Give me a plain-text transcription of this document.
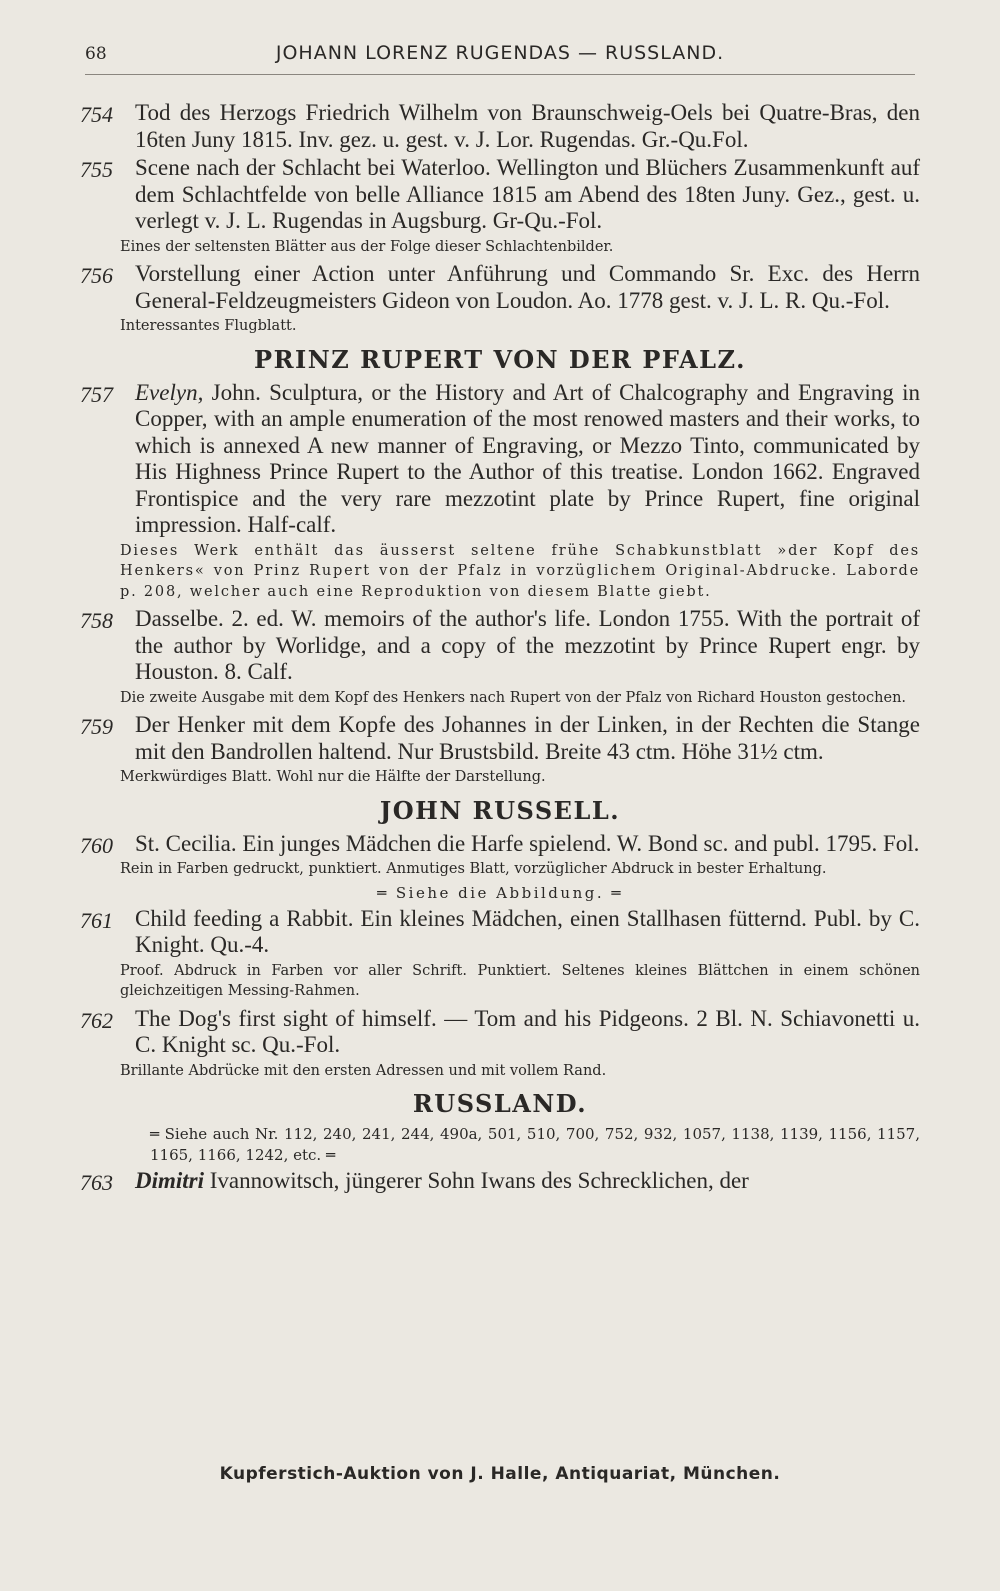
68	JOHANN LORENZ RUGENDAS — RUSSLAND.
754 Tod des Herzogs Friedrich Wilhelm von Braunschweig-Oels bei Quatre-Bras, den 16ten Juny 1815. Inv. gez. u. gest. v. J. Lor. Rugendas. Gr.-Qu.Fol.
755 Scene nach der Schlacht bei Waterloo. Wellington und Blüchers Zusammenkunft auf dem Schlachtfelde von belle Alliance 1815 am Abend des 18ten Juny. Gez., gest. u. verlegt v. J. L. Rugendas in Augsburg. Gr-Qu.-Fol.
Eines der seltensten Blätter aus der Folge dieser Schlachtenbilder.
756 Vorstellung einer Action unter Anführung und Commando Sr. Exc. des Herrn General-Feldzeugmeisters Gideon von Loudon. Ao. 1778 gest. v. J. L. R. Qu.-Fol.
Interessantes Flugblatt.
PRINZ RUPERT VON DER PFALZ.
757 Evelyn, John. Sculptura, or the History and Art of Chalcography and Engraving in Copper, with an ample enumeration of the most renowed masters and their works, to which is annexed A new manner of Engraving, or Mezzo Tinto, communicated by His Highness Prince Rupert to the Author of this treatise. London 1662. Engraved Frontispice and the very rare mezzotint plate by Prince Rupert, fine original impression. Half-calf.
Dieses Werk enthält das äusserst seltene frühe Schabkunstblatt »der Kopf des Henkers« von Prinz Rupert von der Pfalz in vorzüglichem Original-Abdrucke. Laborde p. 208, welcher auch eine Reproduktion von diesem Blatte giebt.
758 Dasselbe. 2. ed. W. memoirs of the author's life. London 1755. With the portrait of the author by Worlidge, and a copy of the mezzotint by Prince Rupert engr. by Houston. 8. Calf.
Die zweite Ausgabe mit dem Kopf des Henkers nach Rupert von der Pfalz von Richard Houston gestochen.
759 Der Henker mit dem Kopfe des Johannes in der Linken, in der Rechten die Stange mit den Bandrollen haltend. Nur Brustsbild. Breite 43 ctm. Höhe 31½ ctm.
Merkwürdiges Blatt. Wohl nur die Hälfte der Darstellung.
JOHN RUSSELL.
760 St. Cecilia. Ein junges Mädchen die Harfe spielend. W. Bond sc. and publ. 1795. Fol.
Rein in Farben gedruckt, punktiert. Anmutiges Blatt, vorzüglicher Abdruck in bester Erhaltung.
═ Siehe die Abbildung. ═
761 Child feeding a Rabbit. Ein kleines Mädchen, einen Stallhasen fütternd. Publ. by C. Knight. Qu.-4.
Proof. Abdruck in Farben vor aller Schrift. Punktiert. Seltenes kleines Blättchen in einem schönen gleichzeitigen Messing-Rahmen.
762 The Dog's first sight of himself. — Tom and his Pidgeons. 2 Bl. N. Schiavonetti u. C. Knight sc. Qu.-Fol.
Brillante Abdrücke mit den ersten Adressen und mit vollem Rand.
RUSSLAND.
═ Siehe auch Nr. 112, 240, 241, 244, 490a, 501, 510, 700, 752, 932, 1057, 1138, 1139, 1156, 1157, 1165, 1166, 1242, etc. ═
763 Dimitri Ivannowitsch, jüngerer Sohn Iwans des Schrecklichen, der
Kupferstich-Auktion von J. Halle, Antiquariat, München.
